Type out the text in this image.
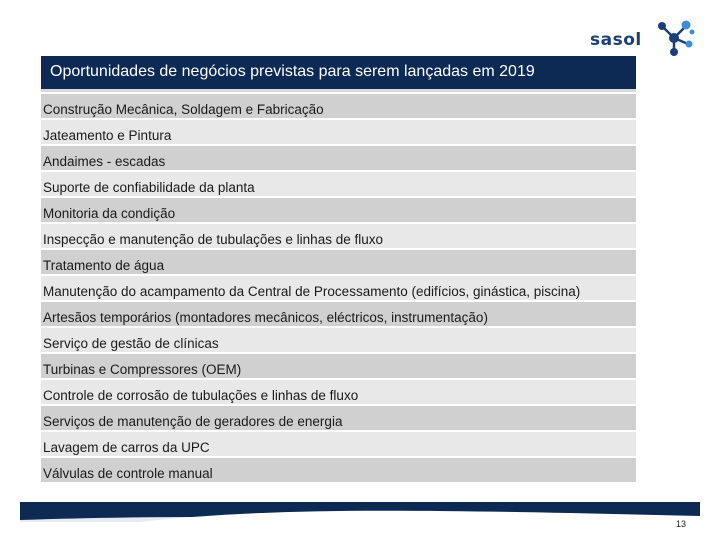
sasol
Oportunidades de negócios previstas para serem lançadas em 2019
Construção Mecânica, Soldagem e Fabricação
Jateamento e Pintura
Andaimes - escadas
Suporte de confiabilidade da planta
Monitoria da condição
Inspecção e manutenção de tubulações e linhas de fluxo
Tratamento de água
Manutenção do acampamento da Central de Processamento (edifícios, ginástica, piscina)
Artesãos temporários (montadores mecânicos, eléctricos, instrumentação)
Serviço de gestão de clínicas
Turbinas e Compressores (OEM)
Controle de corrosão de tubulações e linhas de fluxo
Serviços de manutenção de geradores de energia
Lavagem de carros da UPC
Válvulas de controle manual
13
